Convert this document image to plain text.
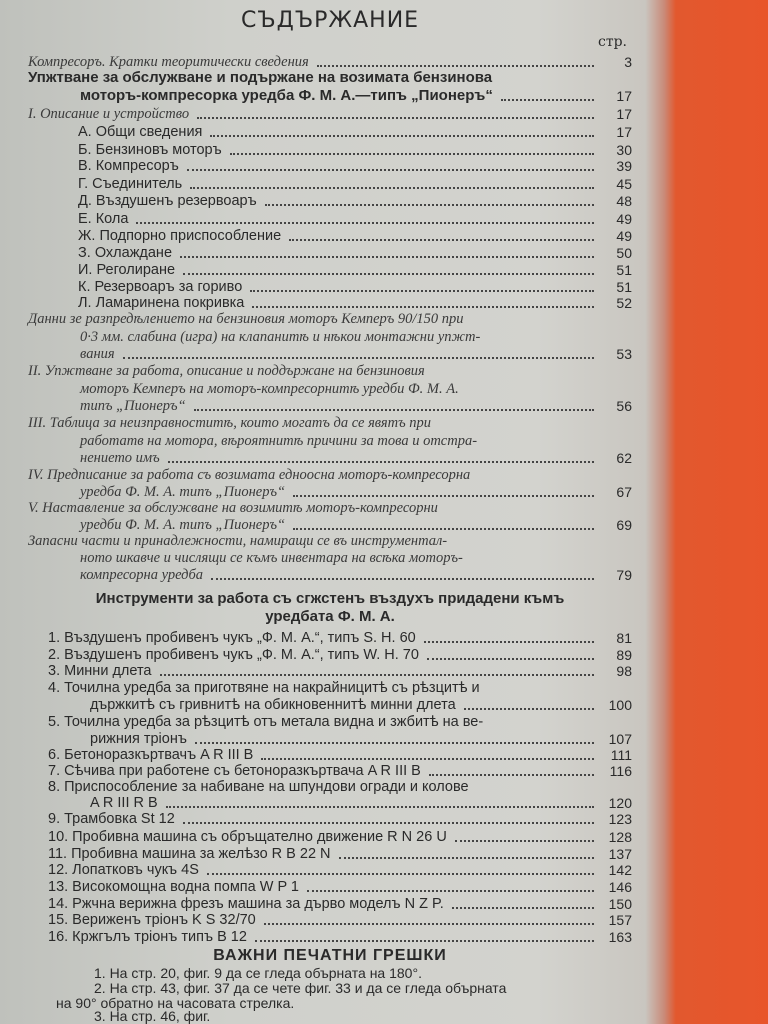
СЪДЪРЖАНИЕ
стр.
Компресоръ. Кратки теоритически сведения	3
Упжтване за обслужване и подържане на возимата бензинова
моторъ-компресорка уредба Ф. М. А.—типъ „Пионеръ“	17
I. Описание и устройство	17
А. Общи сведения	17
Б. Бензиновъ моторъ	30
В. Компресоръ	39
Г. Съединитель	45
Д. Въздушенъ резервоаръ	48
Е. Кола	49
Ж. Подпорно приспособление	49
З. Охлаждане	50
И. Реголиране	51
К. Резервоаръ за гориво	51
Л. Ламаринена покривка	52
Данни зе разпредѣлението на бензиновия моторъ Кемперъ 90/150 при
0·3 мм. слабина (игра) на клапанитѣ и нѣкои монтажни упжт-
вания	53
II. Упжтване за работа, описание и поддържане на бензиновия
моторъ Кемперъ на моторъ-компресорнитѣ уредби Ф. М. А.
типъ „Пионеръ“	56
III. Таблица за неизправноститѣ, които могатъ да се явятъ при
работатв на мотора, вѣроятнитѣ причини за това и отстра-
нението имъ	62
IV. Предписание за работа съ возимата едноосна моторъ-компресорна
уредба Ф. М. А. типъ „Пионеръ“	67
V. Наставление за обслужване на возимитѣ моторъ-компресорни
уредби Ф. М. А. типъ „Пионеръ“	69
Запасни части и принадлежности, намиращи се въ инструментал-
ното шкавче и числящи се къмъ инвентара на всѣка моторъ-
компресорна уредба	79
Инструменти за работа съ сгжстенъ въздухъ придадени къмъ
уредбата Ф. М. А.
1. Въздушенъ пробивенъ чукъ „Ф. М. А.“, типъ S. H. 60	81
2. Въздушенъ пробивенъ чукъ „Ф. М. А.“, типъ W. H. 70	89
3. Минни длета	98
4. Точилна уредба за приготвяне на накрайницитѣ съ рѣзцитѣ и
държкитѣ съ гривнитѣ на обикновеннитѣ минни длета	100
5. Точилна уредба за рѣзцитѣ отъ метала видна и зжбитѣ на ве-
рижния тріонъ	107
6. Бетоноразкъртвачъ A R III B	111
7. Сѣчива при работене съ бетоноразкъртвача A R III B	116
8. Приспособление за набиване на шпундови огради и колове
A R III R B	120
9. Трамбовка St 12	123
10. Пробивна машина съ обръщателно движение R N 26 U	128
11. Пробивна машина за желѣзо R B 22 N	137
12. Лопатковъ чукъ 4S	142
13. Високомощна водна помпа W P 1	146
14. Ржчна верижна фрезъ машина за дърво моделъ N Z P.	150
15. Вериженъ тріонъ K S 32/70	157
16. Кржгълъ тріонъ типъ B 12	163
ВАЖНИ ПЕЧАТНИ ГРЕШКИ
1. На стр. 20, фиг. 9 да се гледа обърната на 180°.
2. На стр. 43, фиг. 37 да се чете фиг. 33 и да се гледа обърната
на 90° обратно на часовата стрелка.
3. На стр. 46, фиг.
